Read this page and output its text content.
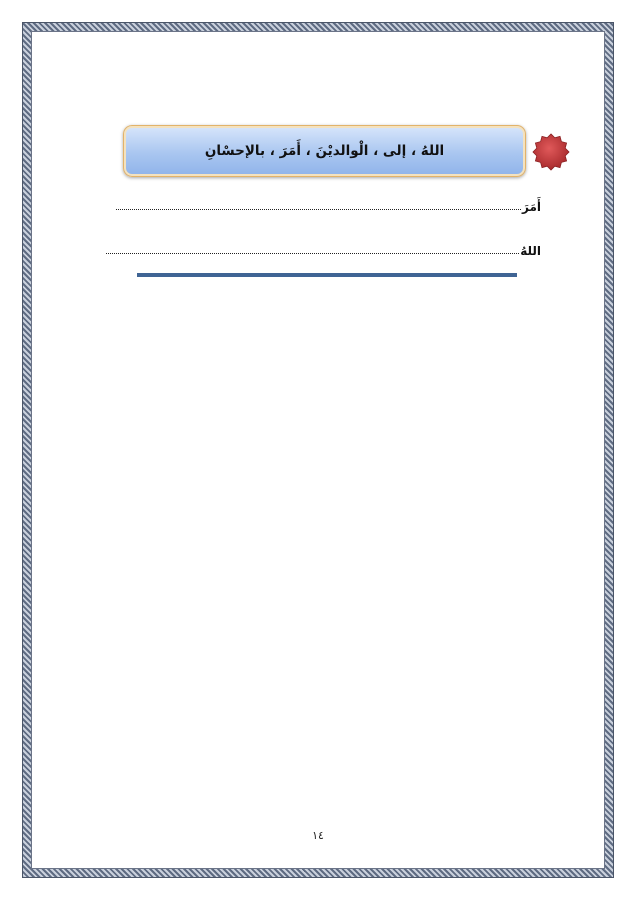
اللهُ ، إلى ، الْوالديْنَ ، أَمَرَ ، بالإحسْانِ
أَمَرَ
اللهُ
١٤
